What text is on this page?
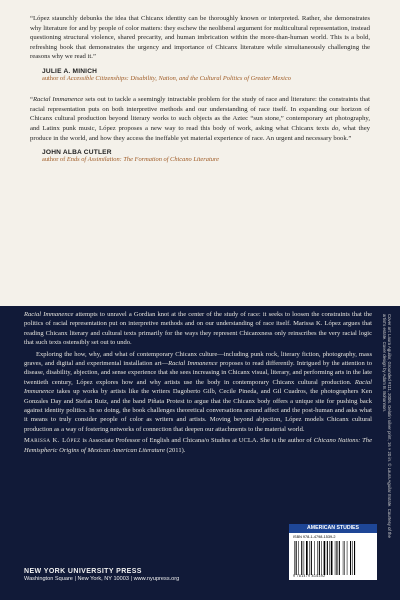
“López staunchly debunks the idea that Chicanx identity can be thoroughly known or interpreted. Rather, she demonstrates why literature for and by people of color matters: they eschew the neoliberal argument for multicultural representation, instead questioning structural violence, shared precarity, and human imbrication within the more-than-human world. This is a bold, refreshing book that demonstrates the urgency and importance of Chicanx literature while simultaneously challenging the reasons why we read it.”
JULIE A. MINICH
author of Accessible Citizenships: Disability, Nation, and the Cultural Politics of Greater Mexico
“Racial Immanence sets out to tackle a seemingly intractable problem for the study of race and literature: the constraints that racial representation puts on both interpretive methods and our understanding of race itself. In expanding our horizon of Chicanx cultural production beyond literary works to such objects as the Aztec “sun stone,” contemporary art photography, and Latinx punk music, López proposes a new way to read this body of work, asking what Chicanx texts do, what they produce in the world, and how they access the ineffable yet material experience of race. An urgent and necessary book.”
JOHN ALBA CUTLER
author of Ends of Assimilation: The Formation of Chicano Literature

Racial Immanence attempts to unravel a Gordian knot at the center of the study of race: it seeks to loosen the constraints that the politics of racial representation put on interpretive methods and on our understanding of race itself. Marissa K. López argues that reading Chicanx literary and cultural texts primarily for the ways they represent Chicanxness only reinscribes the very racial logic that such texts ostensibly set out to undo.

Exploring the how, why, and what of contemporary Chicanx culture—including punk rock, literary fiction, photography, mass graves, and digital and experimental installation art—Racial Immanence proposes to read differently. Intrigued by the attention to disease, disability, abjection, and sense experience that she sees increasing in Chicanx visual, literary, and performing arts in the late twentieth century, López explores how and why artists use the body in contemporary Chicanx cultural production. Racial Immanence takes up works by artists like the writers Dagoberto Gilb, Cecile Pineda, and Gil Cuadros, the photographers Ken Gonzales Day and Stefan Ruiz, and the band Piñata Protest to argue that the Chicanx body offers a unique site for pushing back against identity politics. In so doing, the book challenges theoretical conversations around affect and the post-human and asks what it means to truly consider people of color as writers and artists. Moving beyond abjection, López models Chicanx cultural production as a way of fostering networks of connection that deepen our attachments to the material world.

Marissa K. López is Associate Professor of English and Chicana/o Studies at UCLA. She is the author of Chicano Nations: The Hemispheric Origins of Mexican American Literature (2011).	Cover art: Laura Aguilar, Grounded #111, 2006. Gelatin silver print, 16 × 20 in. © Laura Aguilar Estate. Courtesy of the artist's estate. Cover design by Adam B. Bohannon.
NEW YORK UNIVERSITY PRESS
Washington Square | New York, NY 10003 | www.nyupress.org
AMERICAN STUDIES
ISBN 978-1-4798-1539-2
9 781479 815392
